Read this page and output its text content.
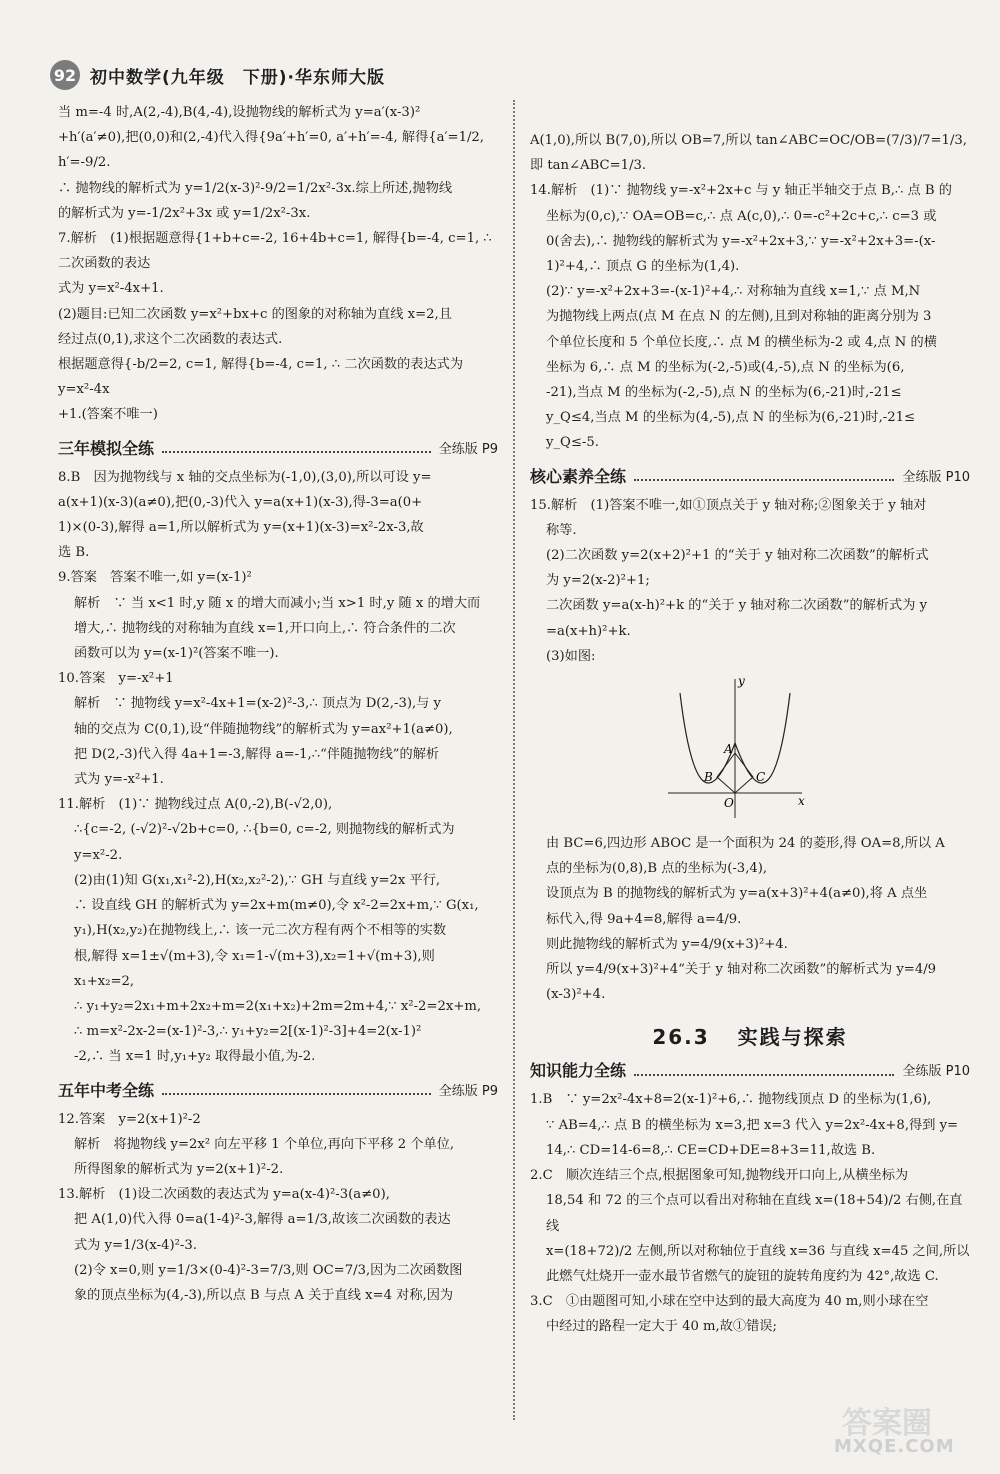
92 初中数学(九年级　下册)·华东师大版

当 m=-4 时,A(2,-4),B(4,-4),设抛物线的解析式为 y=a′(x-3)²

+h′(a′≠0),把(0,0)和(2,-4)代入得{9a′+h′=0, a′+h′=-4, 解得{a′=1/2, h′=-9/2.

∴ 抛物线的解析式为 y=1/2(x-3)²-9/2=1/2x²-3x.综上所述,抛物线

的解析式为 y=-1/2x²+3x 或 y=1/2x²-3x.

7.解析　(1)根据题意得{1+b+c=-2, 16+4b+c=1, 解得{b=-4, c=1, ∴ 二次函数的表达

式为 y=x²-4x+1.

(2)题目:已知二次函数 y=x²+bx+c 的图象的对称轴为直线 x=2,且

经过点(0,1),求这个二次函数的表达式.

根据题意得{-b/2=2, c=1, 解得{b=-4, c=1, ∴ 二次函数的表达式为 y=x²-4x

+1.(答案不唯一)

三年模拟全练	全练版 P9

8.B　因为抛物线与 x 轴的交点坐标为(-1,0),(3,0),所以可设 y=

a(x+1)(x-3)(a≠0),把(0,-3)代入 y=a(x+1)(x-3),得-3=a(0+

1)×(0-3),解得 a=1,所以解析式为 y=(x+1)(x-3)=x²-2x-3,故

选 B.

9.答案　答案不唯一,如 y=(x-1)²

解析　∵ 当 x<1 时,y 随 x 的增大而减小;当 x>1 时,y 随 x 的增大而

增大,∴ 抛物线的对称轴为直线 x=1,开口向上,∴ 符合条件的二次

函数可以为 y=(x-1)²(答案不唯一).

10.答案　y=-x²+1

解析　∵ 抛物线 y=x²-4x+1=(x-2)²-3,∴ 顶点为 D(2,-3),与 y

轴的交点为 C(0,1),设“伴随抛物线”的解析式为 y=ax²+1(a≠0),

把 D(2,-3)代入得 4a+1=-3,解得 a=-1,∴“伴随抛物线”的解析

式为 y=-x²+1.

11.解析　(1)∵ 抛物线过点 A(0,-2),B(-√2,0),

∴{c=-2, (-√2)²-√2b+c=0, ∴{b=0, c=-2, 则抛物线的解析式为 y=x²-2.

(2)由(1)知 G(x₁,x₁²-2),H(x₂,x₂²-2),∵ GH 与直线 y=2x 平行,

∴ 设直线 GH 的解析式为 y=2x+m(m≠0),令 x²-2=2x+m,∵ G(x₁,

y₁),H(x₂,y₂)在抛物线上,∴ 该一元二次方程有两个不相等的实数

根,解得 x=1±√(m+3),令 x₁=1-√(m+3),x₂=1+√(m+3),则 x₁+x₂=2,

∴ y₁+y₂=2x₁+m+2x₂+m=2(x₁+x₂)+2m=2m+4,∵ x²-2=2x+m,

∴ m=x²-2x-2=(x-1)²-3,∴ y₁+y₂=2[(x-1)²-3]+4=2(x-1)²

-2,∴ 当 x=1 时,y₁+y₂ 取得最小值,为-2.

五年中考全练	全练版 P9

12.答案　y=2(x+1)²-2

解析　将抛物线 y=2x² 向左平移 1 个单位,再向下平移 2 个单位,

所得图象的解析式为 y=2(x+1)²-2.

13.解析　(1)设二次函数的表达式为 y=a(x-4)²-3(a≠0),

把 A(1,0)代入得 0=a(1-4)²-3,解得 a=1/3,故该二次函数的表达

式为 y=1/3(x-4)²-3.

(2)令 x=0,则 y=1/3×(0-4)²-3=7/3,则 OC=7/3,因为二次函数图

象的顶点坐标为(4,-3),所以点 B 与点 A 关于直线 x=4 对称,因为

A(1,0),所以 B(7,0),所以 OB=7,所以 tan∠ABC=OC/OB=(7/3)/7=1/3,

即 tan∠ABC=1/3.

14.解析　(1)∵ 抛物线 y=-x²+2x+c 与 y 轴正半轴交于点 B,∴ 点 B 的

坐标为(0,c),∵ OA=OB=c,∴ 点 A(c,0),∴ 0=-c²+2c+c,∴ c=3 或

0(舍去),∴ 抛物线的解析式为 y=-x²+2x+3,∵ y=-x²+2x+3=-(x-

1)²+4,∴ 顶点 G 的坐标为(1,4).

(2)∵ y=-x²+2x+3=-(x-1)²+4,∴ 对称轴为直线 x=1,∵ 点 M,N

为抛物线上两点(点 M 在点 N 的左侧),且到对称轴的距离分别为 3

个单位长度和 5 个单位长度,∴ 点 M 的横坐标为-2 或 4,点 N 的横

坐标为 6,∴ 点 M 的坐标为(-2,-5)或(4,-5),点 N 的坐标为(6,

-21),当点 M 的坐标为(-2,-5),点 N 的坐标为(6,-21)时,-21≤

y_Q≤4,当点 M 的坐标为(4,-5),点 N 的坐标为(6,-21)时,-21≤

y_Q≤-5.

核心素养全练	全练版 P10

15.解析　(1)答案不唯一,如①顶点关于 y 轴对称;②图象关于 y 轴对

称等.

(2)二次函数 y=2(x+2)²+1 的“关于 y 轴对称二次函数”的解析式

为 y=2(x-2)²+1;

二次函数 y=a(x-h)²+k 的“关于 y 轴对称二次函数”的解析式为 y

=a(x+h)²+k.

(3)如图:

y
x
O
A
B	C

由 BC=6,四边形 ABOC 是一个面积为 24 的菱形,得 OA=8,所以 A

点的坐标为(0,8),B 点的坐标为(-3,4),

设顶点为 B 的抛物线的解析式为 y=a(x+3)²+4(a≠0),将 A 点坐

标代入,得 9a+4=8,解得 a=4/9.

则此抛物线的解析式为 y=4/9(x+3)²+4.

所以 y=4/9(x+3)²+4“关于 y 轴对称二次函数”的解析式为 y=4/9

(x-3)²+4.

26.3 实践与探索
知识能力全练	全练版 P10

1.B　∵ y=2x²-4x+8=2(x-1)²+6,∴ 抛物线顶点 D 的坐标为(1,6),

∵ AB=4,∴ 点 B 的横坐标为 x=3,把 x=3 代入 y=2x²-4x+8,得到 y=

14,∴ CD=14-6=8,∴ CE=CD+DE=8+3=11,故选 B.

2.C　顺次连结三个点,根据图象可知,抛物线开口向上,从横坐标为

18,54 和 72 的三个点可以看出对称轴在直线 x=(18+54)/2 右侧,在直线

x=(18+72)/2 左侧,所以对称轴位于直线 x=36 与直线 x=45 之间,所以

此燃气灶烧开一壶水最节省燃气的旋钮的旋转角度约为 42°,故选 C.

3.C　①由题图可知,小球在空中达到的最大高度为 40 m,则小球在空

中经过的路程一定大于 40 m,故①错误;

答案圈
MXQE.COM
